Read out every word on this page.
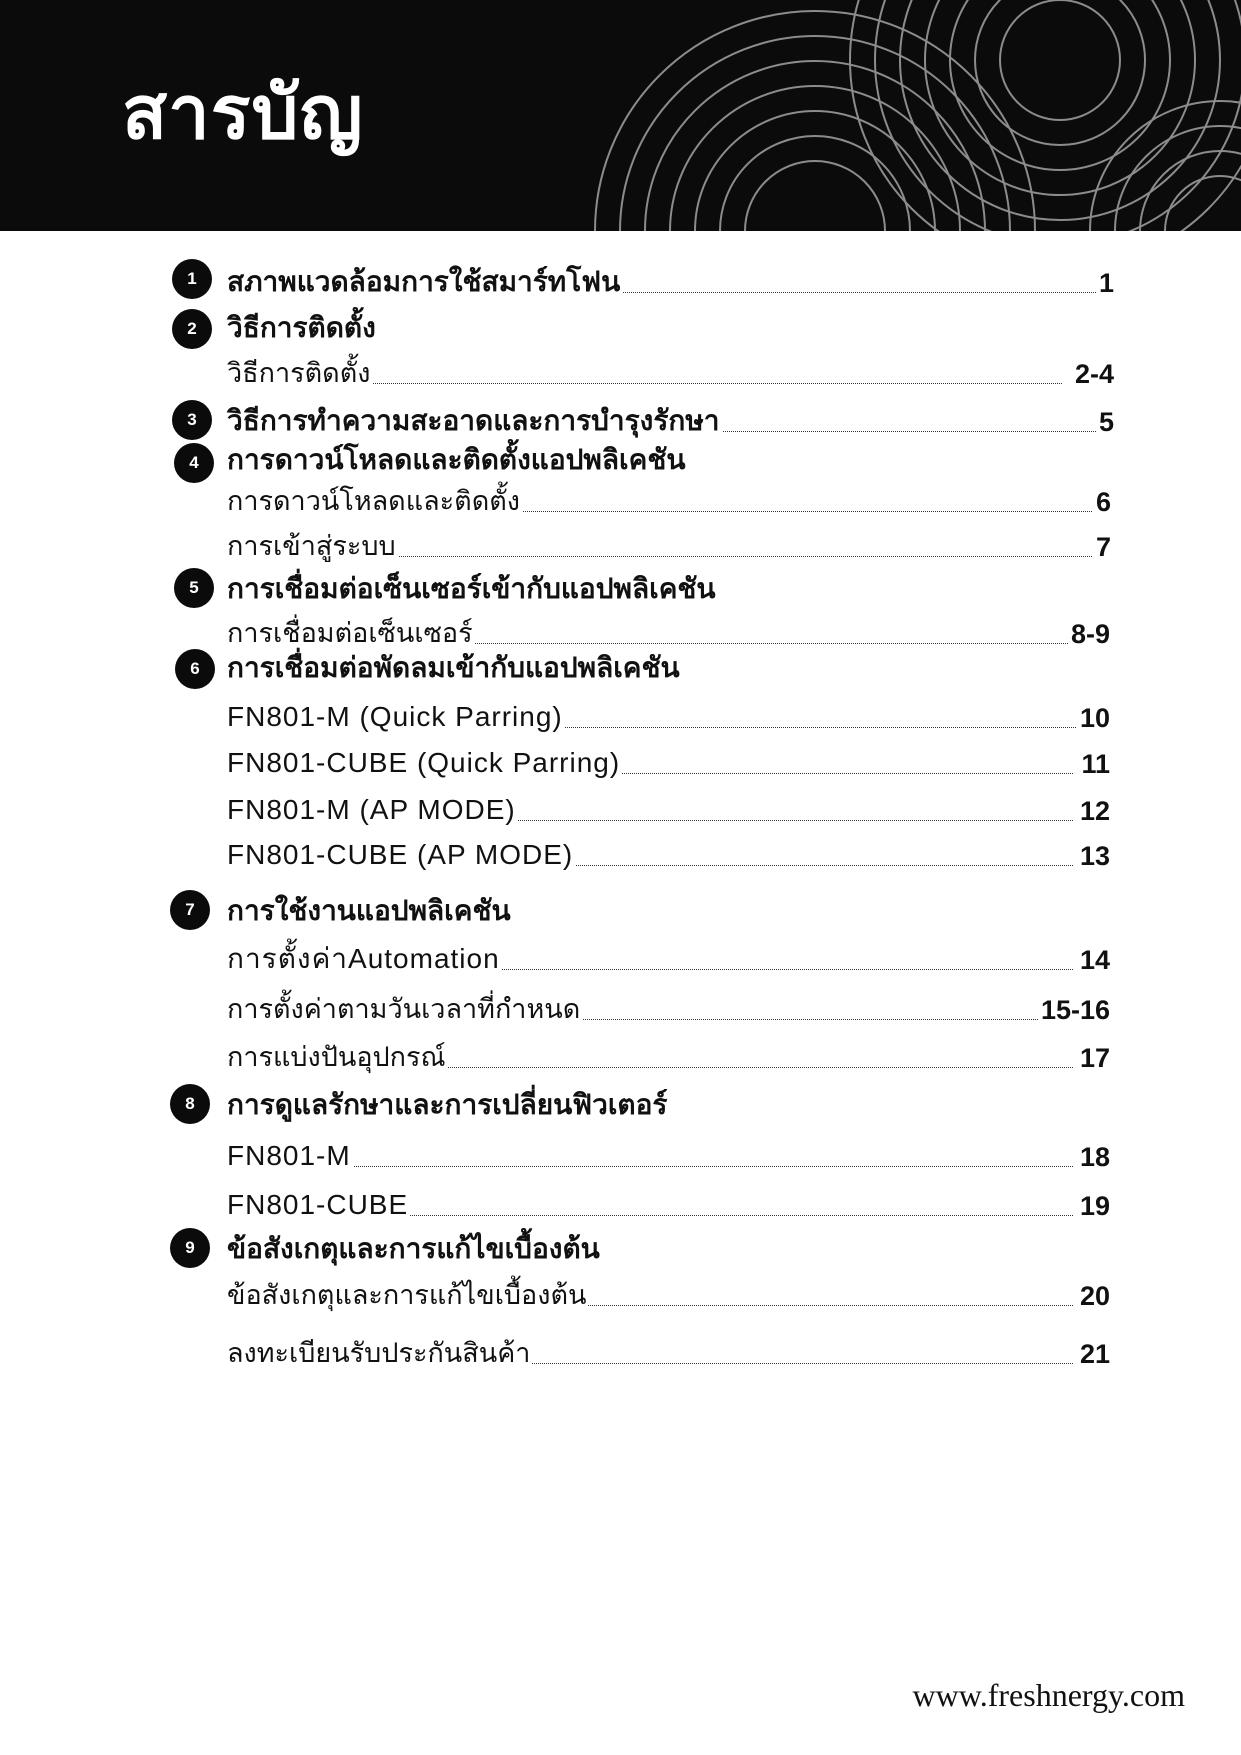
สารบัญ
1	สภาพแวดล้อมการใช้สมาร์ทโฟน	1
2	วิธีการติดตั้ง
วิธีการติดตั้ง	2-4
3	วิธีการทำความสะอาดและการบำรุงรักษา	5
4	การดาวน์โหลดและติดตั้งแอปพลิเคชัน
การดาวน์โหลดและติดตั้ง	6
การเข้าสู่ระบบ	7
5	การเชื่อมต่อเซ็นเซอร์เข้ากับแอปพลิเคชัน
การเชื่อมต่อเซ็นเซอร์	8-9
6 การเชื่อมต่อพัดลมเข้ากับแอปพลิเคชัน
FN801-M (Quick Parring)	10
FN801-CUBE (Quick Parring)	11
FN801-M (AP MODE)	12
FN801-CUBE (AP MODE)	13
7	การใช้งานแอปพลิเคชัน
การตั้งค่าAutomation	14
การตั้งค่าตามวันเวลาที่กำหนด	15-16
การแบ่งปันอุปกรณ์	17
8	การดูแลรักษาและการเปลี่ยนฟิวเตอร์
FN801-M	18
FN801-CUBE	19
9	ข้อสังเกตุและการแก้ไขเบื้องต้น
ข้อสังเกตุและการแก้ไขเบื้องต้น	20
ลงทะเบียนรับประกันสินค้า	21
www.freshnergy.com
